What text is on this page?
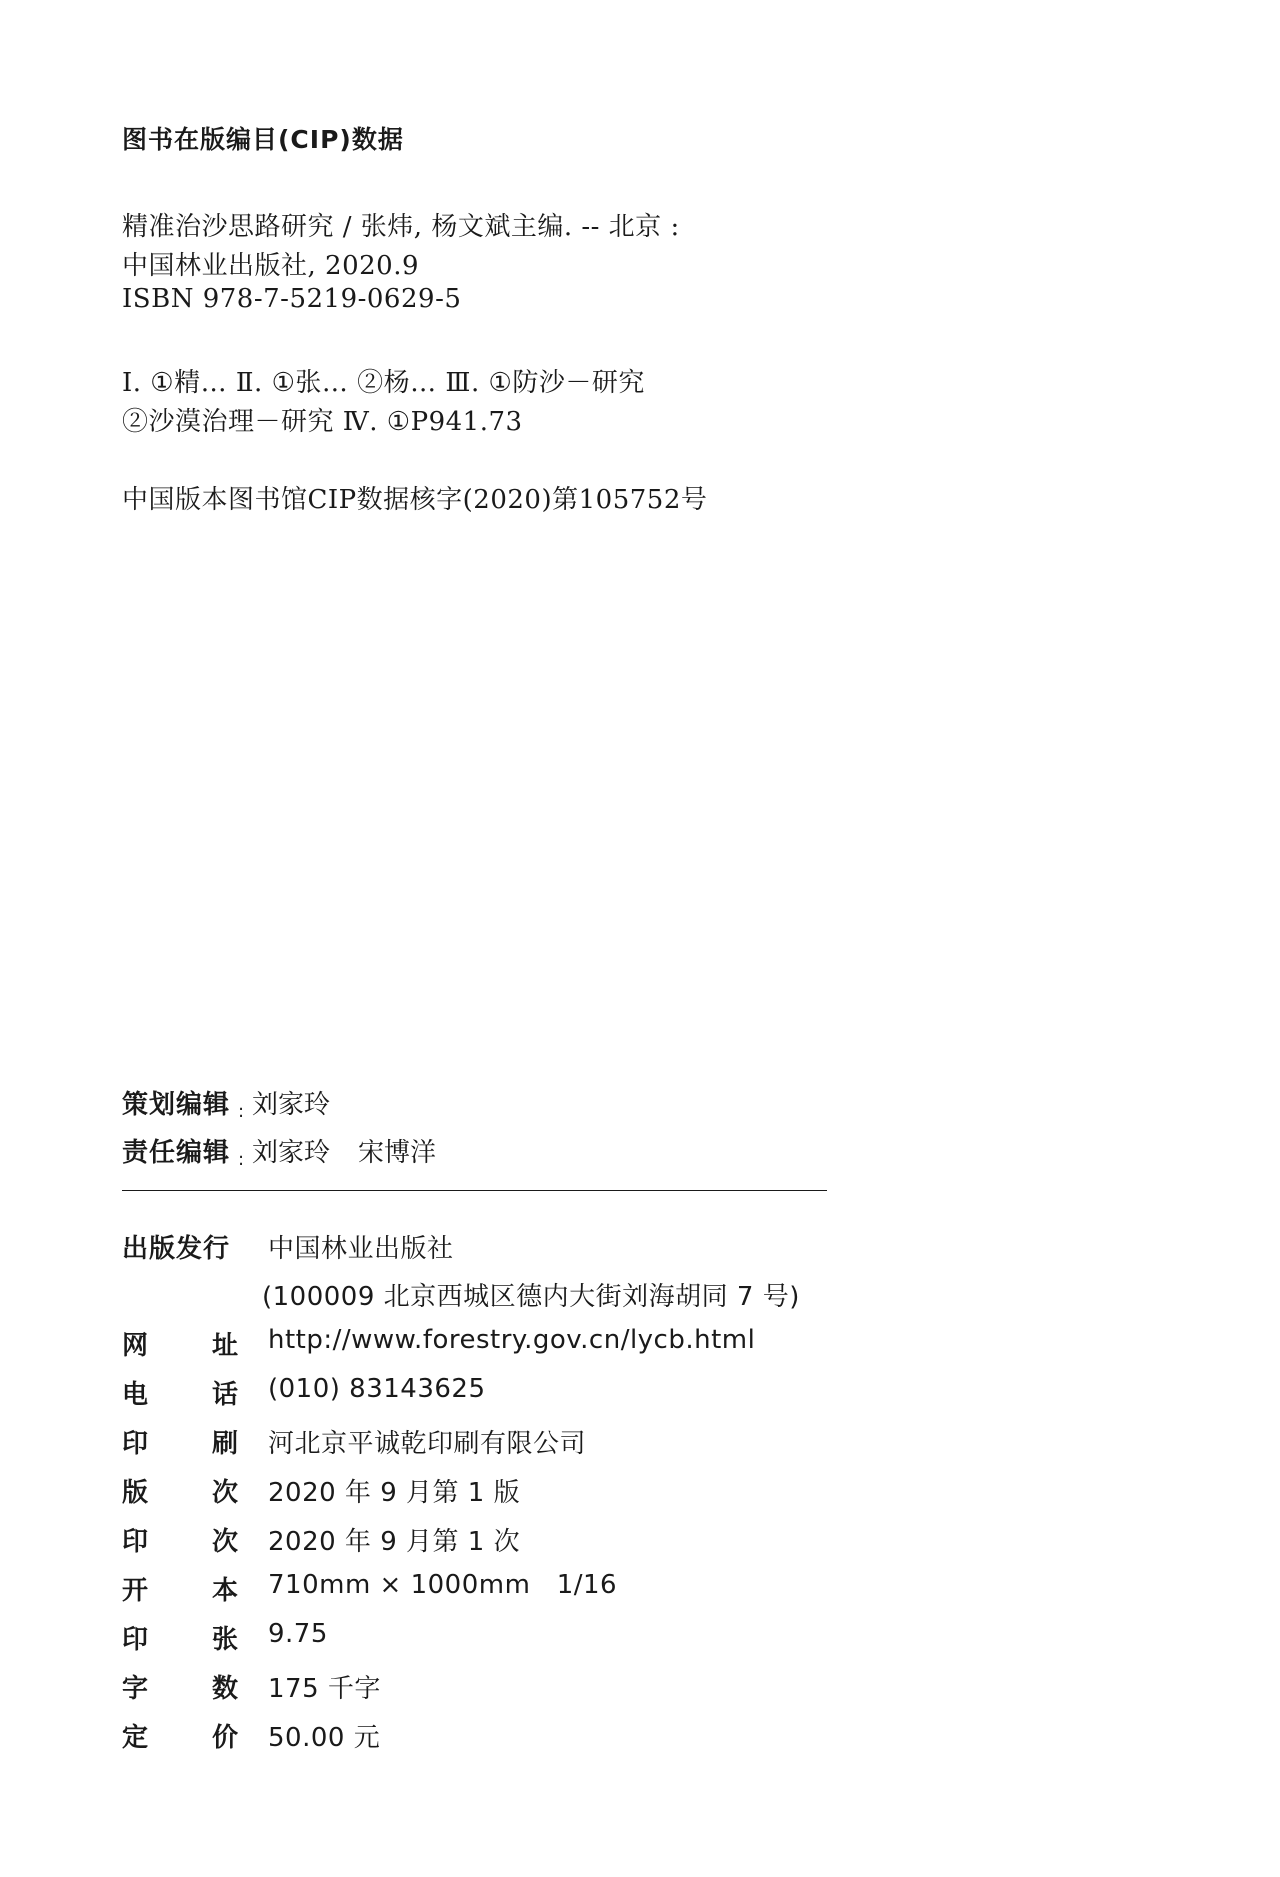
图书在版编目(CIP)数据
精准治沙思路研究 / 张炜, 杨文斌主编. -- 北京 :
中国林业出版社, 2020.9
ISBN 978-7-5219-0629-5
Ⅰ. ①精… Ⅱ. ①张… ②杨… Ⅲ. ①防沙－研究
②沙漠治理－研究 Ⅳ. ①P941.73
中国版本图书馆CIP数据核字(2020)第105752号
策划编辑 : 刘家玲
责任编辑 : 刘家玲 宋博洋
出版发行	中国林业出版社
(100009 北京西城区德内大街刘海胡同 7 号)
网 址 http://www.forestry.gov.cn/lycb.html
电 话 (010) 83143625
印 刷 河北京平诚乾印刷有限公司
版 次 2020 年 9 月第 1 版
印 次 2020 年 9 月第 1 次
开 本 710mm × 1000mm   1/16
印 张 9.75
字 数 175 千字
定 价 50.00 元
